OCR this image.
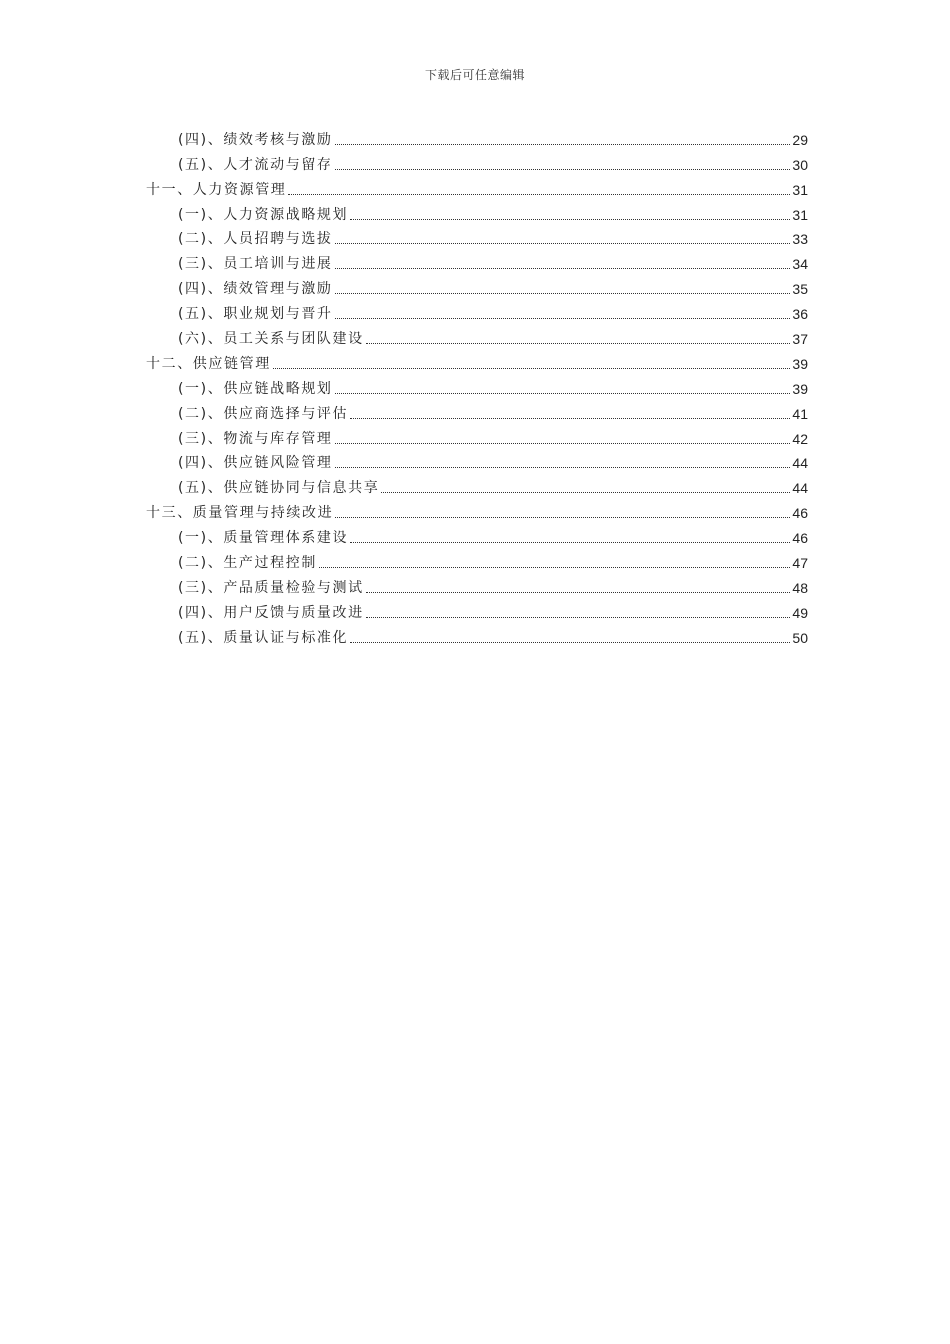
下载后可任意编辑
(四)、绩效考核与激励	29
(五)、人才流动与留存	30
十一、人力资源管理	31
(一)、人力资源战略规划	31
(二)、人员招聘与选拔	33
(三)、员工培训与进展	34
(四)、绩效管理与激励	35
(五)、职业规划与晋升	36
(六)、员工关系与团队建设	37
十二、供应链管理	39
(一)、供应链战略规划	39
(二)、供应商选择与评估	41
(三)、物流与库存管理	42
(四)、供应链风险管理	44
(五)、供应链协同与信息共享	44
十三、质量管理与持续改进	46
(一)、质量管理体系建设	46
(二)、生产过程控制	47
(三)、产品质量检验与测试	48
(四)、用户反馈与质量改进	49
(五)、质量认证与标准化	50
